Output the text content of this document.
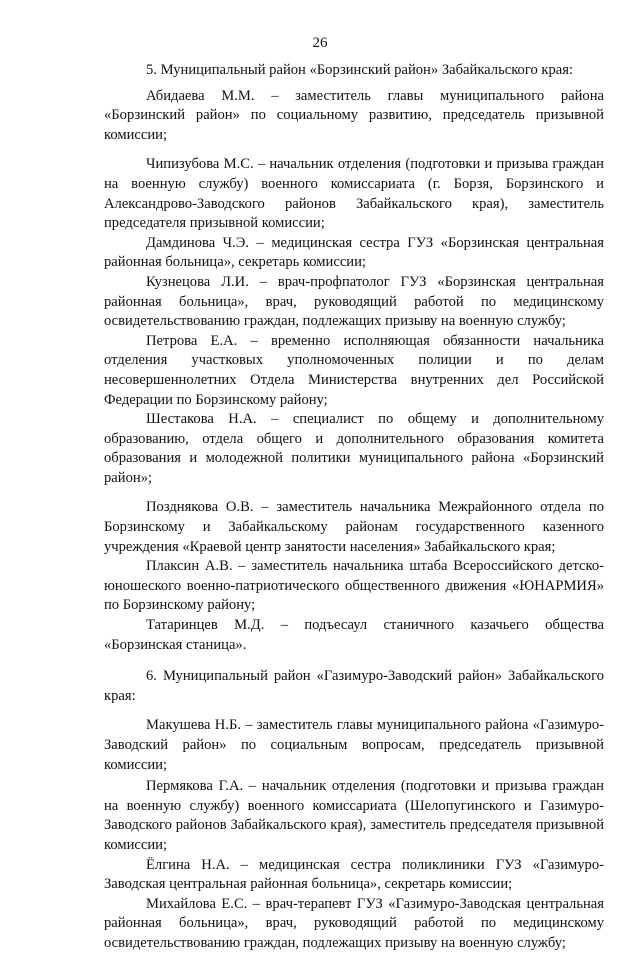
26

5. Муниципальный район «Борзинский район» Забайкальского края:

Абидаева М.М. – заместитель главы муниципального района «Борзинский район» по социальному развитию, председатель призывной комиссии;

Чипизубова М.С. – начальник отделения (подготовки и призыва граждан на военную службу) военного комиссариата (г. Борзя, Борзинского и Александрово-Заводского районов Забайкальского края), заместитель председателя призывной комиссии;

Дамдинова Ч.Э. – медицинская сестра ГУЗ «Борзинская центральная районная больница», секретарь комиссии;

Кузнецова Л.И. – врач-профпатолог ГУЗ «Борзинская центральная районная больница», врач, руководящий работой по медицинскому освидетельствованию граждан, подлежащих призыву на военную службу;

Петрова Е.А. – временно исполняющая обязанности начальника отделения участковых уполномоченных полиции и по делам несовершеннолетних Отдела Министерства внутренних дел Российской Федерации по Борзинскому району;

Шестакова Н.А. – специалист по общему и дополнительному образованию, отдела общего и дополнительного образования комитета образования и молодежной политики муниципального района «Борзинский район»;

Позднякова О.В. – заместитель начальника Межрайонного отдела по Борзинскому и Забайкальскому районам государственного казенного учреждения «Краевой центр занятости населения» Забайкальского края;

Плаксин А.В. – заместитель начальника штаба Всероссийского детско-юношеского военно-патриотического общественного движения «ЮНАРМИЯ» по Борзинскому району;

Татаринцев М.Д. – подъесаул станичного казачьего общества «Борзинская станица».

6. Муниципальный район «Газимуро-Заводский район» Забайкальского края:

Макушева Н.Б. – заместитель главы муниципального района «Газимуро-Заводский район» по социальным вопросам, председатель призывной комиссии;

Пермякова Г.А. – начальник отделения (подготовки и призыва граждан на военную службу) военного комиссариата (Шелопугинского и Газимуро-Заводского районов Забайкальского края), заместитель председателя призывной комиссии;

Ёлгина Н.А. – медицинская сестра поликлиники ГУЗ «Газимуро-Заводская центральная районная больница», секретарь комиссии;

Михайлова Е.С. – врач-терапевт ГУЗ «Газимуро-Заводская центральная районная больница», врач, руководящий работой по медицинскому освидетельствованию граждан, подлежащих призыву на военную службу;
